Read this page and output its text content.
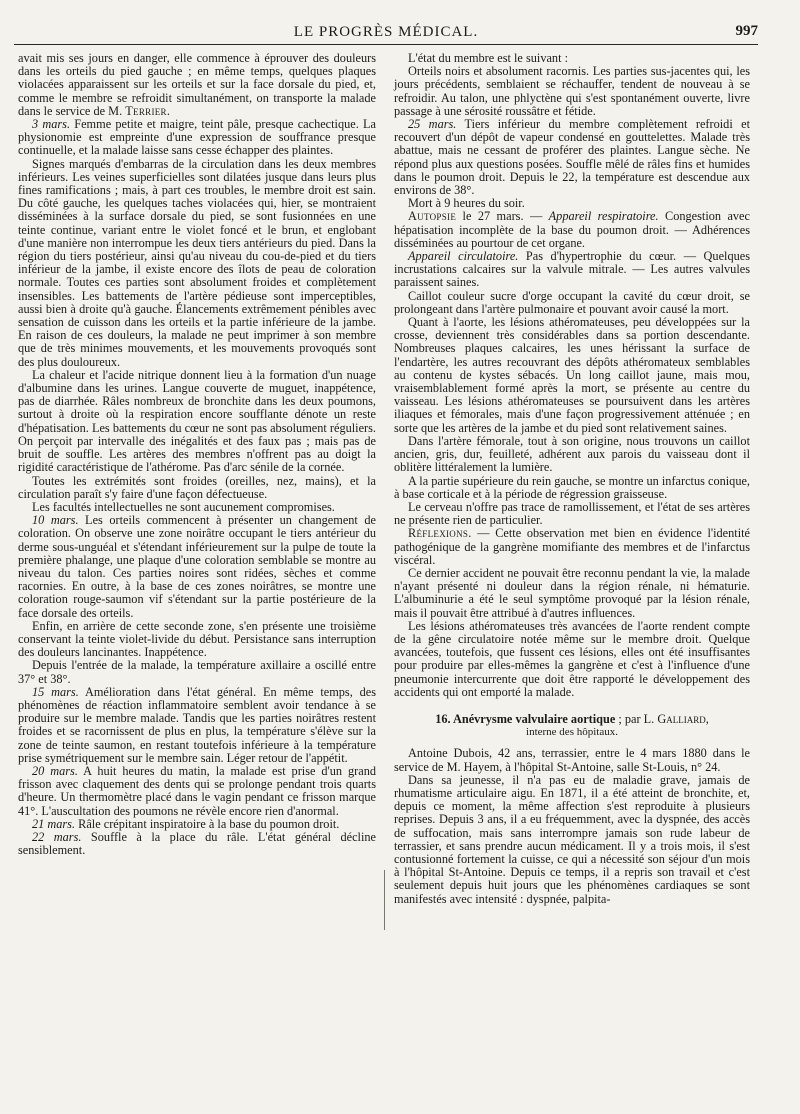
LE PROGRÈS MÉDICAL.	997

avait mis ses jours en danger, elle commence à éprouver des douleurs dans les orteils du pied gauche ; en même temps, quelques plaques violacées apparaissent sur les orteils et sur la face dorsale du pied, et, comme le membre se refroidit simultanément, on transporte la malade dans le service de M. Terrier.

3 mars. Femme petite et maigre, teint pâle, presque cachectique. La physionomie est empreinte d'une expression de souffrance presque continuelle, et la malade laisse sans cesse échapper des plaintes.

Signes marqués d'embarras de la circulation dans les deux membres inférieurs. Les veines superficielles sont dilatées jusque dans leurs plus fines ramifications ; mais, à part ces troubles, le membre droit est sain. Du côté gauche, les quelques taches violacées qui, hier, se montraient disséminées à la surface dorsale du pied, se sont fusionnées en une teinte continue, variant entre le violet foncé et le brun, et englobant d'une manière non interrompue les deux tiers antérieurs du pied. Dans la région du tiers postérieur, ainsi qu'au niveau du cou-de-pied et du tiers inférieur de la jambe, il existe encore des îlots de peau de coloration normale. Toutes ces parties sont absolument froides et complètement insensibles. Les battements de l'artère pédieuse sont imperceptibles, aussi bien à droite qu'à gauche. Élancements extrêmement pénibles avec sensation de cuisson dans les orteils et la partie inférieure de la jambe. En raison de ces douleurs, la malade ne peut imprimer à son membre que de très minimes mouvements, et les mouvements provoqués sont des plus douloureux.

La chaleur et l'acide nitrique donnent lieu à la formation d'un nuage d'albumine dans les urines. Langue couverte de muguet, inappétence, pas de diarrhée. Râles nombreux de bronchite dans les deux poumons, surtout à droite où la respiration encore soufflante dénote un reste d'hépatisation. Les battements du cœur ne sont pas absolument réguliers. On perçoit par intervalle des inégalités et des faux pas ; mais pas de bruit de souffle. Les artères des membres n'offrent pas au doigt la rigidité caractéristique de l'athérome. Pas d'arc sénile de la cornée.

Toutes les extrémités sont froides (oreilles, nez, mains), et la circulation paraît s'y faire d'une façon défectueuse.

Les facultés intellectuelles ne sont aucunement compromises.

10 mars. Les orteils commencent à présenter un changement de coloration. On observe une zone noirâtre occupant le tiers antérieur du derme sous-unguéal et s'étendant inférieurement sur la pulpe de toute la première phalange, une plaque d'une coloration semblable se montre au niveau du talon. Ces parties noires sont ridées, sèches et comme racornies. En outre, à la base de ces zones noirâtres, se montre une coloration rouge-saumon vif s'étendant sur la partie postérieure de la face dorsale des orteils.

Enfin, en arrière de cette seconde zone, s'en présente une troisième conservant la teinte violet-livide du début. Persistance sans interruption des douleurs lancinantes. Inappétence.

Depuis l'entrée de la malade, la température axillaire a oscillé entre 37° et 38°.

15 mars. Amélioration dans l'état général. En même temps, des phénomènes de réaction inflammatoire semblent avoir tendance à se produire sur le membre malade. Tandis que les parties noirâtres restent froides et se racornissent de plus en plus, la température s'élève sur la zone de teinte saumon, en restant toutefois inférieure à la température prise symétriquement sur le membre sain. Léger retour de l'appétit.

20 mars. A huit heures du matin, la malade est prise d'un grand frisson avec claquement des dents qui se prolonge pendant trois quarts d'heure. Un thermomètre placé dans le vagin pendant ce frisson marque 41°. L'auscultation des poumons ne révèle encore rien d'anormal.

21 mars. Râle crépitant inspiratoire à la base du poumon droit.

22 mars. Souffle à la place du râle. L'état général décline sensiblement.

L'état du membre est le suivant :

Orteils noirs et absolument racornis. Les parties sus-jacentes qui, les jours précédents, semblaient se réchauffer, tendent de nouveau à se refroidir. Au talon, une phlyctène qui s'est spontanément ouverte, livre passage à une sérosité roussâtre et fétide.

25 mars. Tiers inférieur du membre complètement refroidi et recouvert d'un dépôt de vapeur condensé en gouttelettes. Malade très abattue, mais ne cessant de proférer des plaintes. Langue sèche. Ne répond plus aux questions posées. Souffle mêlé de râles fins et humides dans le poumon droit. Depuis le 22, la température est descendue aux environs de 38°.

Mort à 9 heures du soir.

Autopsie le 27 mars. — Appareil respiratoire. Congestion avec hépatisation incomplète de la base du poumon droit. — Adhérences disséminées au pourtour de cet organe.

Appareil circulatoire. Pas d'hypertrophie du cœur. — Quelques incrustations calcaires sur la valvule mitrale. — Les autres valvules paraissent saines.

Caillot couleur sucre d'orge occupant la cavité du cœur droit, se prolongeant dans l'artère pulmonaire et pouvant avoir causé la mort.

Quant à l'aorte, les lésions athéromateuses, peu développées sur la crosse, deviennent très considérables dans sa portion descendante. Nombreuses plaques calcaires, les unes hérissant la surface de l'endartère, les autres recouvrant des dépôts athéromateux semblables au contenu de kystes sébacés. Un long caillot jaune, mais mou, vraisemblablement formé après la mort, se présente au centre du vaisseau. Les lésions athéromateuses se poursuivent dans les artères iliaques et fémorales, mais d'une façon progressivement atténuée ; en sorte que les artères de la jambe et du pied sont relativement saines.

Dans l'artère fémorale, tout à son origine, nous trouvons un caillot ancien, gris, dur, feuilleté, adhérent aux parois du vaisseau dont il oblitère littéralement la lumière.

A la partie supérieure du rein gauche, se montre un infarctus conique, à base corticale et à la période de régression graisseuse.

Le cerveau n'offre pas trace de ramollissement, et l'état de ses artères ne présente rien de particulier.

Réflexions. — Cette observation met bien en évidence l'identité pathogénique de la gangrène momifiante des membres et de l'infarctus viscéral.

Ce dernier accident ne pouvait être reconnu pendant la vie, la malade n'ayant présenté ni douleur dans la région rénale, ni hématurie. L'albuminurie a été le seul symptôme provoqué par la lésion rénale, mais il pouvait être attribué à d'autres influences.

Les lésions athéromateuses très avancées de l'aorte rendent compte de la gêne circulatoire notée même sur le membre droit. Quelque avancées, toutefois, que fussent ces lésions, elles ont été insuffisantes pour produire par elles-mêmes la gangrène et c'est à l'influence d'une pneumonie intercurrente que doit être rapporté le développement des accidents qui ont emporté la malade.

16. Anévrysme valvulaire aortique ; par L. Galliard,

interne des hôpitaux.

Antoine Dubois, 42 ans, terrassier, entre le 4 mars 1880 dans le service de M. Hayem, à l'hôpital St-Antoine, salle St-Louis, n° 24.

Dans sa jeunesse, il n'a pas eu de maladie grave, jamais de rhumatisme articulaire aigu. En 1871, il a été atteint de bronchite, et, depuis ce moment, la même affection s'est reproduite à plusieurs reprises. Depuis 3 ans, il a eu fréquemment, avec la dyspnée, des accès de suffocation, mais sans interrompre jamais son rude labeur de terrassier, et sans prendre aucun médicament. Il y a trois mois, il s'est contusionné fortement la cuisse, ce qui a nécessité son séjour d'un mois à l'hôpital St-Antoine. Depuis ce temps, il a repris son travail et c'est seulement depuis huit jours que les phénomènes cardiaques se sont manifestés avec intensité : dyspnée, palpita-
